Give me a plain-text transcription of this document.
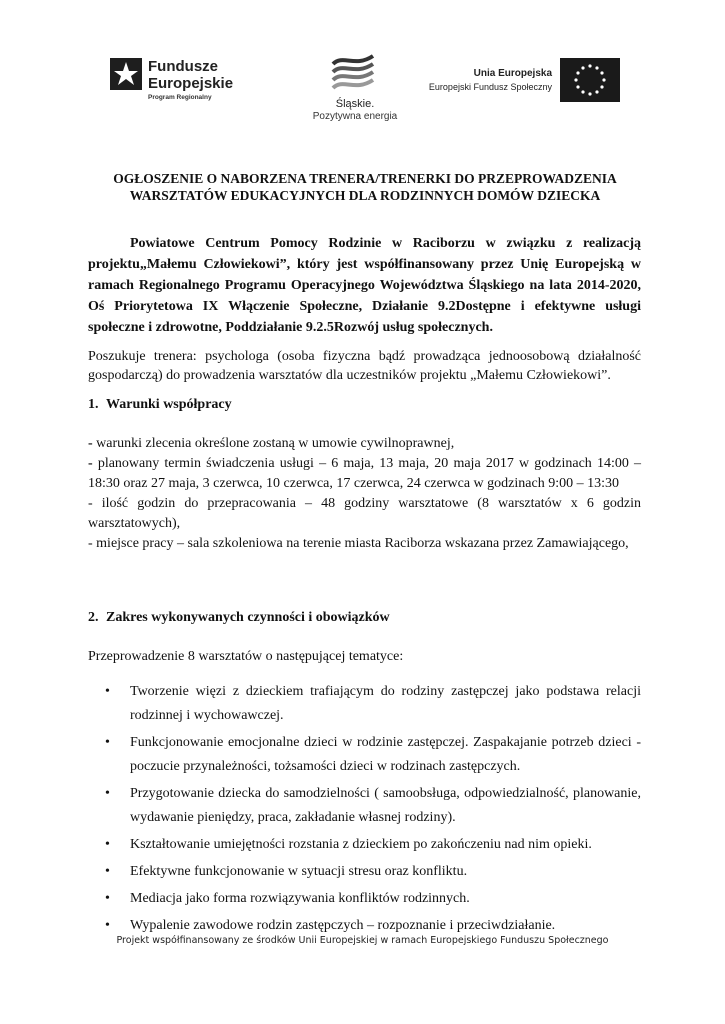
Fundusze
Europejskie
Program Regionalny
Śląskie.
Pozytywna energia
Unia Europejska
Europejski Fundusz Społeczny
OGŁOSZENIE O NABORZENA TRENERA/TRENERKI DO PRZEPROWADZENIA
WARSZTATÓW EDUKACYJNYCH DLA RODZINNYCH DOMÓW DZIECKA
Powiatowe Centrum Pomocy Rodzinie w Raciborzu w związku z realizacją projektu„Małemu Człowiekowi”, który jest współfinansowany przez Unię Europejską w ramach Regionalnego Programu Operacyjnego Województwa Śląskiego na lata 2014-2020, Oś Priorytetowa IX Włączenie Społeczne, Działanie 9.2Dostępne i efektywne usługi społeczne i zdrowotne, Poddziałanie 9.2.5Rozwój usług społecznych.
Poszukuje trenera: psychologa (osoba fizyczna bądź prowadząca jednoosobową działalność gospodarczą) do prowadzenia warsztatów dla uczestników projektu „Małemu Człowiekowi”.
1. Warunki współpracy
- warunki zlecenia określone zostaną w umowie cywilnoprawnej,
- planowany termin świadczenia usługi – 6 maja, 13 maja, 20 maja 2017 w godzinach 14:00 – 18:30 oraz 27 maja, 3 czerwca, 10 czerwca, 17 czerwca, 24 czerwca w godzinach 9:00 – 13:30
- ilość godzin do przepracowania – 48 godziny warsztatowe (8 warsztatów x 6 godzin warsztatowych),
- miejsce pracy – sala szkoleniowa na terenie miasta Raciborza wskazana przez Zamawiającego,
2. Zakres wykonywanych czynności i obowiązków
Przeprowadzenie 8 warsztatów o następującej tematyce:
• Tworzenie więzi z dzieckiem trafiającym do rodziny zastępczej jako podstawa relacji rodzinnej i wychowawczej.
• Funkcjonowanie emocjonalne dzieci w rodzinie zastępczej. Zaspakajanie potrzeb dzieci - poczucie przynależności, tożsamości dzieci w rodzinach zastępczych.
• Przygotowanie dziecka do samodzielności ( samoobsługa, odpowiedzialność, planowanie, wydawanie pieniędzy, praca, zakładanie własnej rodziny).
• Kształtowanie umiejętności rozstania z dzieckiem po zakończeniu nad nim opieki.
• Efektywne funkcjonowanie w sytuacji stresu oraz konfliktu.
• Mediacja jako forma rozwiązywania konfliktów rodzinnych.
• Wypalenie zawodowe rodzin zastępczych – rozpoznanie i przeciwdziałanie.
Projekt współfinansowany ze środków Unii Europejskiej w ramach Europejskiego Funduszu Społecznego
